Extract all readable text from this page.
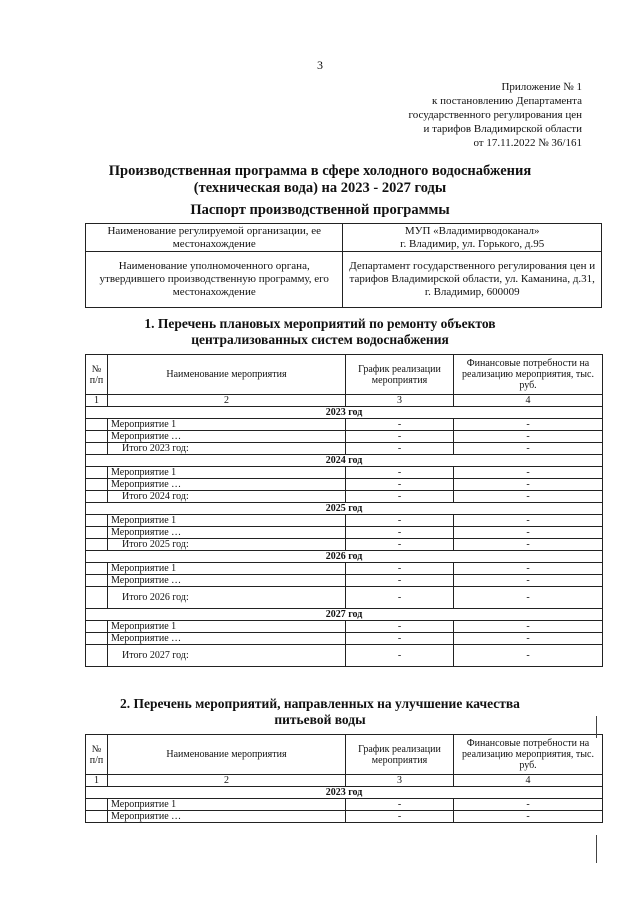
3
Приложение № 1
к постановлению Департамента
государственного регулирования цен
и тарифов Владимирской области
от 17.11.2022 № 36/161
Производственная программа в сфере холодного водоснабжения
(техническая вода) на 2023 - 2027 годы
Паспорт производственной программы
Наименование регулируемой организации, ее местонахождение	МУП «Владимирводоканал»
г. Владимир, ул. Горького, д.95

Наименование уполномоченного органа, утвердившего производственную программу, его местонахождение	Департамент государственного регулирования цен и тарифов Владимирской области, ул. Каманина, д.31, г. Владимир, 600009
1. Перечень плановых мероприятий по ремонту объектов
централизованных систем водоснабжения
№ п/п	Наименование мероприятия	График реализации мероприятия	Финансовые потребности на реализацию мероприятия, тыс. руб.
1	2	3	4
2023 год			
	Мероприятие 1	-	-
	Мероприятие …	-	-
	Итого 2023 год:	-	-
2024 год			
	Мероприятие 1	-	-
	Мероприятие …	-	-
	Итого 2024 год:	-	-
2025 год			
	Мероприятие 1	-	-
	Мероприятие …	-	-
	Итого 2025 год:	-	-
2026 год			
	Мероприятие 1	-	-
	Мероприятие …	-	-
	Итого 2026 год:	-	-
2027 год			
	Мероприятие 1	-	-
	Мероприятие …	-	-
	Итого 2027 год:	-	-
2. Перечень мероприятий, направленных на улучшение качества
питьевой воды
№ п/п	Наименование мероприятия	График реализации мероприятия	Финансовые потребности на реализацию мероприятия, тыс. руб.
1	2	3	4
2023 год			
	Мероприятие 1	-	-
	Мероприятие …	-	-
